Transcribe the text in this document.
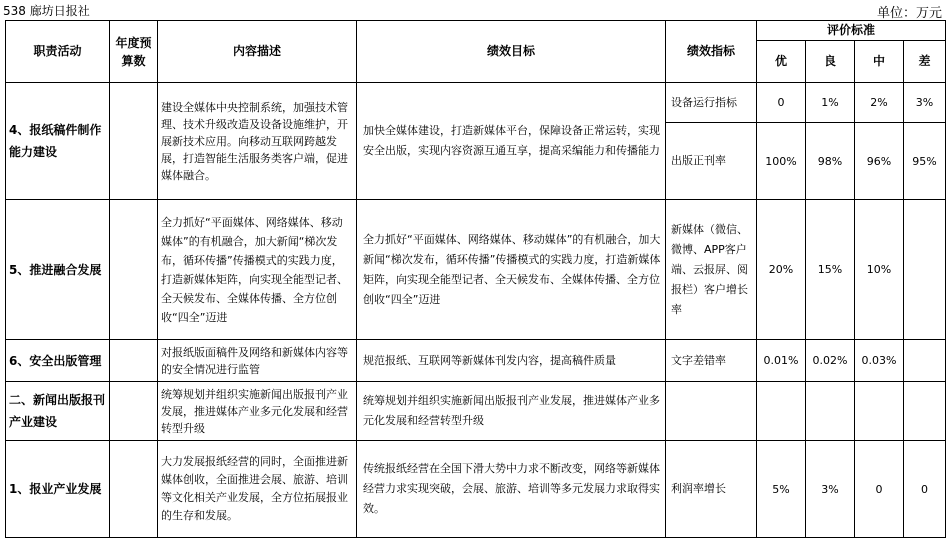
538 廊坊日报社	单位：万元
职责活动	年度预算数	内容描述	绩效目标	绩效指标	评价标准			
					优	良	中	差
4、报纸稿件制作能力建设		建设全媒体中央控制系统，加强技术管理、技术升级改造及设备设施维护，开展新技术应用。向移动互联网跨越发展，打造智能生活服务类客户端，促进媒体融合。	加快全媒体建设，打造新媒体平台，保障设备正常运转，实现安全出版，实现内容资源互通互享，提高采编能力和传播能力	设备运行指标	0	1%	2%	3%
				出版正刊率	100%	98%	96%	95%
5、推进融合发展		全力抓好“平面媒体、网络媒体、移动媒体”的有机融合，加大新闻“梯次发布，循环传播”传播模式的实践力度，打造新媒体矩阵，向实现全能型记者、全天候发布、全媒体传播、全方位创收“四全”迈进	全力抓好“平面媒体、网络媒体、移动媒体”的有机融合，加大新闻“梯次发布，循环传播”传播模式的实践力度，打造新媒体矩阵，向实现全能型记者、全天候发布、全媒体传播、全方位创收“四全”迈进	新媒体（微信、微博、APP客户端、云报屏、阅报栏）客户增长率	20%	15%	10%	
6、安全出版管理		对报纸版面稿件及网络和新媒体内容等的安全情况进行监管	规范报纸、互联网等新媒体刊发内容，提高稿件质量	文字差错率	0.01%	0.02%	0.03%	
二、新闻出版报刊产业建设		统筹规划并组织实施新闻出版报刊产业发展，推进媒体产业多元化发展和经营转型升级	统筹规划并组织实施新闻出版报刊产业发展，推进媒体产业多元化发展和经营转型升级					
1、报业产业发展		大力发展报纸经营的同时，全面推进新媒体创收，全面推进会展、旅游、培训等文化相关产业发展，全方位拓展报业的生存和发展。	传统报纸经营在全国下滑大势中力求不断改变，网络等新媒体经营力求实现突破，会展、旅游、培训等多元发展力求取得实效。	利润率增长	5%	3%	0	0
